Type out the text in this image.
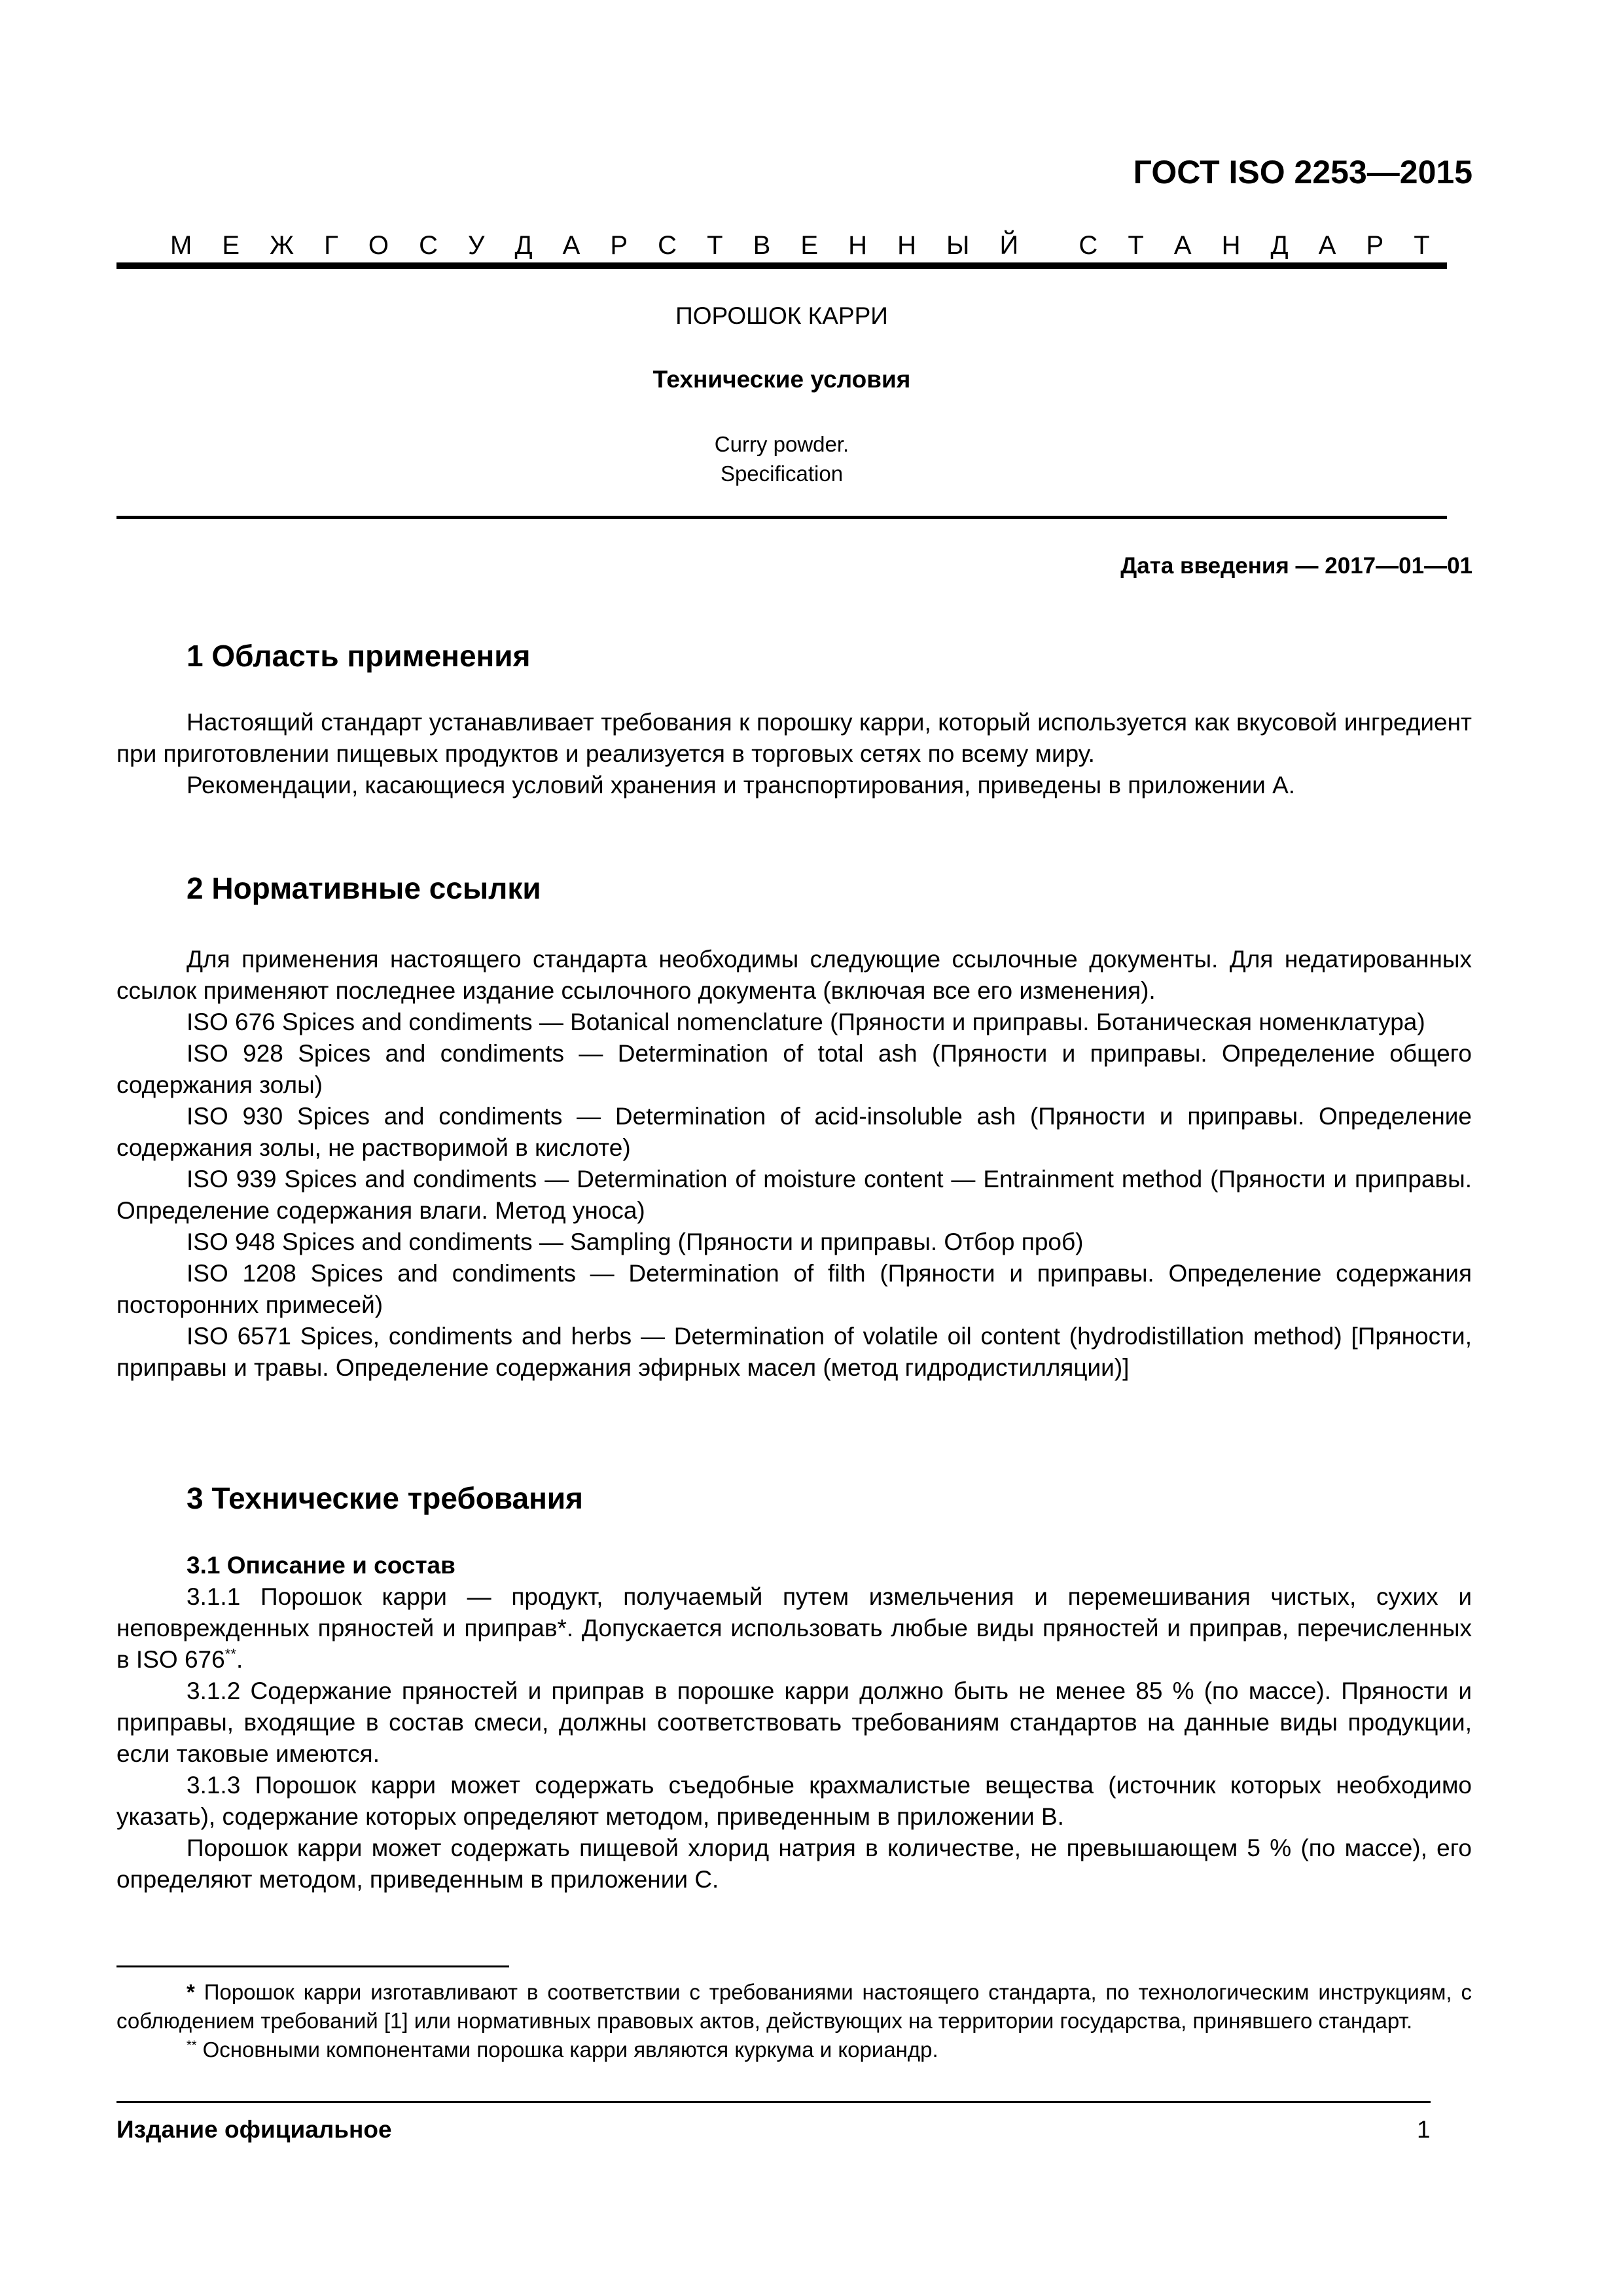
ГОСТ ISO 2253—2015
М Е Ж Г О С У Д А Р С Т В Е Н Н Ы Й С Т А Н Д А Р Т
ПОРОШОК КАРРИ
Технические условия
Curry powder.
Specification
Дата введения — 2017—01—01
1 Область применения

Настоящий стандарт устанавливает требования к порошку карри, который используется как вкусовой ингредиент при приготовлении пищевых продуктов и реализуется в торговых сетях по всему миру.

Рекомендации, касающиеся условий хранения и транспортирования, приведены в приложении А.

2 Нормативные ссылки

Для применения настоящего стандарта необходимы следующие ссылочные документы. Для недатированных ссылок применяют последнее издание ссылочного документа (включая все его изменения).

ISO 676 Spices and condiments — Botanical nomenclature (Пряности и приправы. Ботаническая номенклатура)

ISO 928 Spices and condiments — Determination of total ash (Пряности и приправы. Определение общего содержания золы)

ISO 930 Spices and condiments — Determination of acid-insoluble ash (Пряности и приправы. Определение содержания золы, не растворимой в кислоте)

ISO 939 Spices and condiments — Determination of moisture content — Entrainment method (Пряности и приправы. Определение содержания влаги. Метод уноса)

ISO 948 Spices and condiments — Sampling (Пряности и приправы. Отбор проб)

ISO 1208 Spices and condiments — Determination of filth (Пряности и приправы. Определение содержания посторонних примесей)

ISO 6571 Spices, condiments and herbs — Determination of volatile oil content (hydrodistillation method) [Пряности, приправы и травы. Определение содержания эфирных масел (метод гидродистилляции)]

3 Технические требования

3.1 Описание и состав

3.1.1 Порошок карри — продукт, получаемый путем измельчения и перемешивания чистых, сухих и неповрежденных пряностей и приправ*. Допускается использовать любые виды пряностей и приправ, перечисленных в ISO 676**.

3.1.2 Содержание пряностей и приправ в порошке карри должно быть не менее 85 % (по массе). Пряности и приправы, входящие в состав смеси, должны соответствовать требованиям стандартов на данные виды продукции, если таковые имеются.

3.1.3 Порошок карри может содержать съедобные крахмалистые вещества (источник которых необходимо указать), содержание которых определяют методом, приведенным в приложении В.

Порошок карри может содержать пищевой хлорид натрия в количестве, не превышающем 5 % (по массе), его определяют методом, приведенным в приложении С.

* Порошок карри изготавливают в соответствии с требованиями настоящего стандарта, по технологическим инструкциям, с соблюдением требований [1] или нормативных правовых актов, действующих на территории государства, принявшего стандарт.

** Основными компонентами порошка карри являются куркума и кориандр.

Издание официальное	1
